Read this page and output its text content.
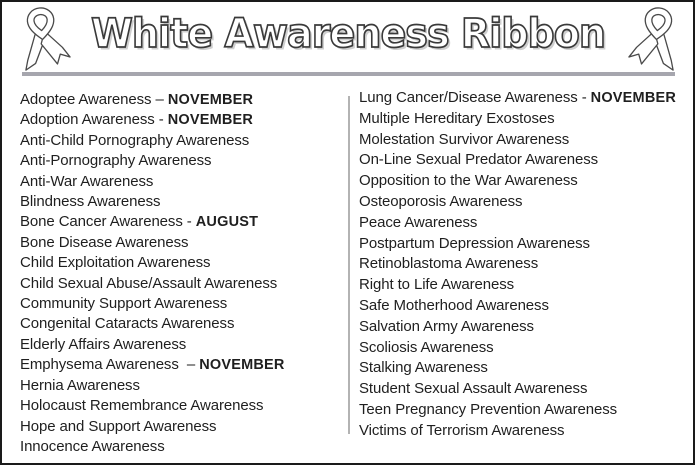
White Awareness Ribbon
Adoptee Awareness – NOVEMBER
Adoption Awareness - NOVEMBER
Anti-Child Pornography Awareness
Anti-Pornography Awareness
Anti-War Awareness
Blindness Awareness
Bone Cancer Awareness - AUGUST
Bone Disease Awareness
Child Exploitation Awareness
Child Sexual Abuse/Assault Awareness
Community Support Awareness
Congenital Cataracts Awareness
Elderly Affairs Awareness
Emphysema Awareness  – NOVEMBER
Hernia Awareness
Holocaust Remembrance Awareness
Hope and Support Awareness
Innocence Awareness
Lung Cancer/Disease Awareness - NOVEMBER
Multiple Hereditary Exostoses
Molestation Survivor Awareness
On-Line Sexual Predator Awareness
Opposition to the War Awareness
Osteoporosis Awareness
Peace Awareness
Postpartum Depression Awareness
Retinoblastoma Awareness
Right to Life Awareness
Safe Motherhood Awareness
Salvation Army Awareness
Scoliosis Awareness
Stalking Awareness
Student Sexual Assault Awareness
Teen Pregnancy Prevention Awareness
Victims of Terrorism Awareness
